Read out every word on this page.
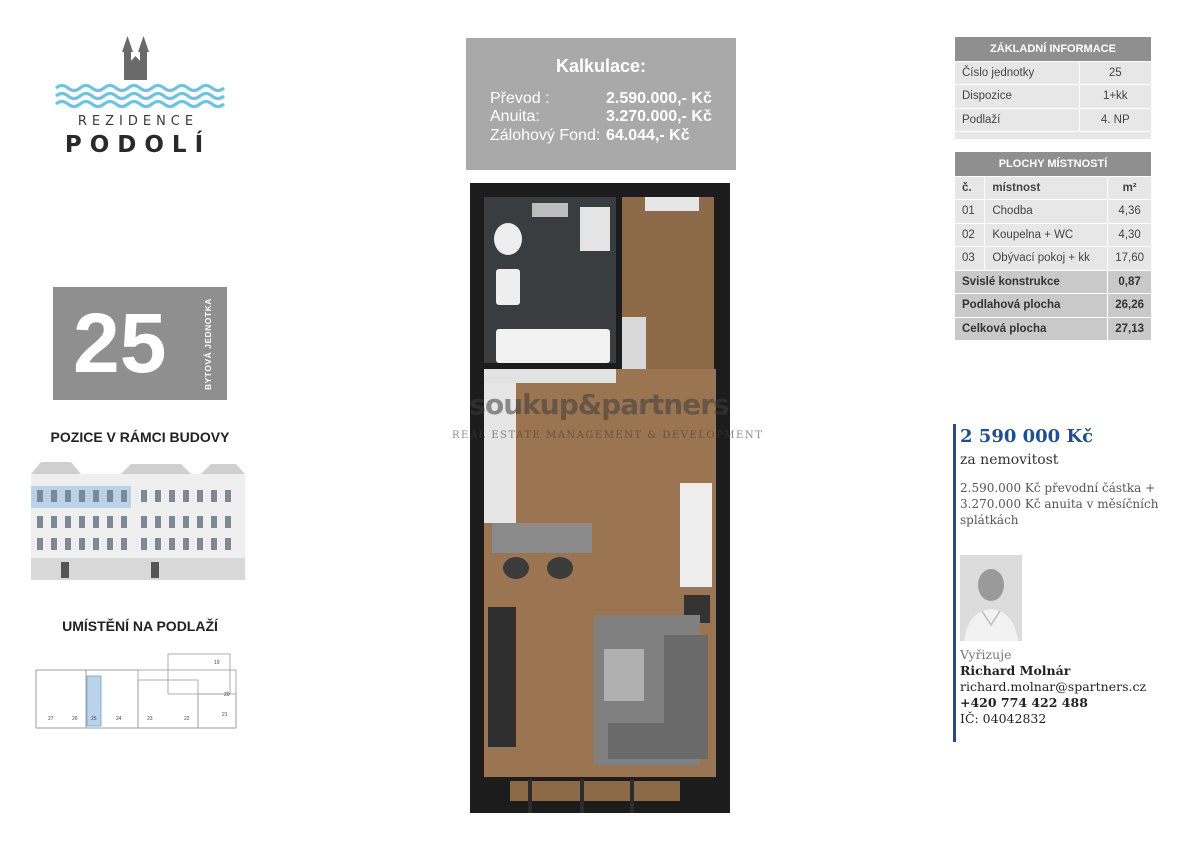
REZIDENCE
PODOLÍ
25	BYTOVÁ JEDNOTKA
POZICE V RÁMCI BUDOVY
UMÍSTĚNÍ NA PODLAŽÍ
27	26	25	24	23	22
21
20
19
Kalkulace:
Převod :	2.590.000,- Kč
Anuita:	3.270.000,- Kč
Zálohový Fond: 64.044,- Kč
soukup&partners
REAL ESTATE MANAGEMENT & DEVELOPMENT
ZÁKLADNÍ INFORMACE	
Číslo jednotky	25
Dispozice	1+kk
Podlaží	4. NP

PLOCHY MÍSTNOSTÍ		
č.	místnost	m²
01	Chodba	4,36
02	Koupelna + WC	4,30
03	Obývací pokoj + kk	17,60
Svislé konstrukce		0,87
Podlahová plocha		26,26
Celková plocha		27,13
2 590 000 Kč
za nemovitost
2.590.000 Kč převodní částka + 3.270.000 Kč anuita v měsíčních splátkách
Vyřizuje
Richard Molnár
richard.molnar@spartners.cz
+420 774 422 488
IČ: 04042832
